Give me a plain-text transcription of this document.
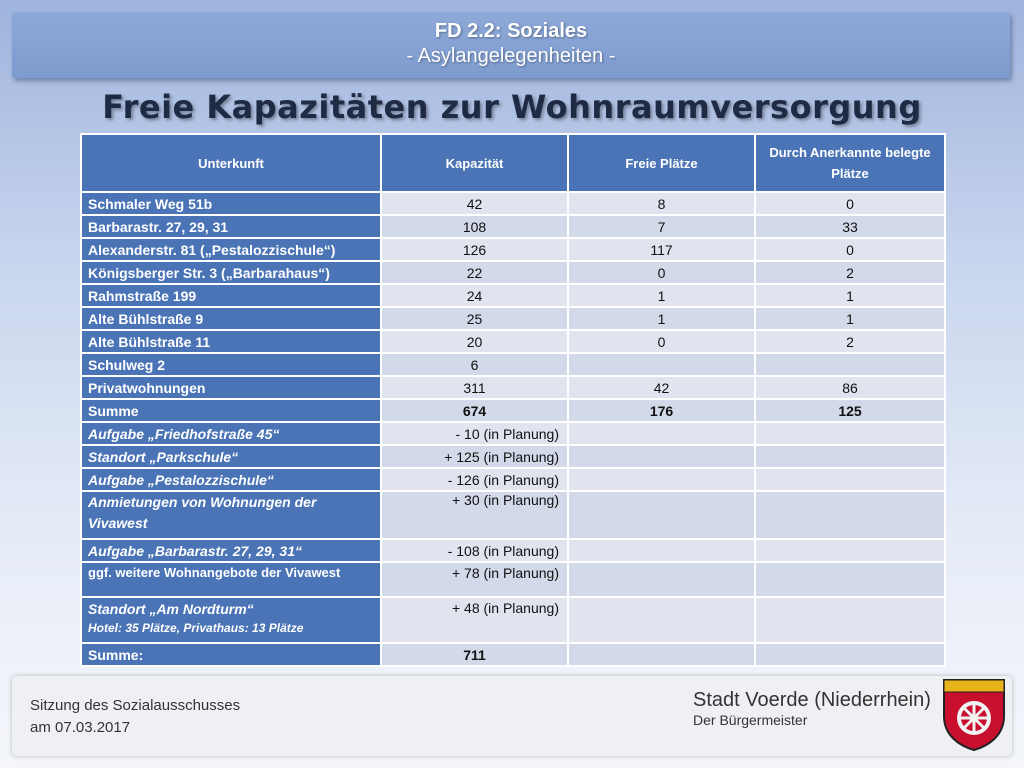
FD 2.2: Soziales
- Asylangelegenheiten -
Freie Kapazitäten zur Wohnraumversorgung
Sitzung des Sozialausschusses
am 07.03.2017
Unterkunft	Kapazität	Freie Plätze	Durch Anerkannte belegte Plätze
Schmaler Weg 51b	42	8	0
Barbarastr. 27, 29, 31	108	7	33
Alexanderstr. 81 („Pestalozzischule“)	126	117	0
Königsberger Str. 3 („Barbarahaus“)	22	0	2
Rahmstraße 199	24	1	1
Alte Bühlstraße 9	25	1	1
Alte Bühlstraße 11	20	0	2
Schulweg 2	6		
Privatwohnungen	311	42	86
Summe	674	176	125
Aufgabe „Friedhofstraße 45“	- 10 (in Planung)		
Standort „Parkschule“	+ 125 (in Planung)		
Aufgabe „Pestalozzischule“	- 126 (in Planung)		
Anmietungen von Wohnungen der Vivawest	+ 30 (in Planung)		
Aufgabe „Barbarastr. 27, 29, 31“	- 108 (in Planung)		
ggf. weitere Wohnangebote der Vivawest	+ 78 (in Planung)		
Standort „Am Nordturm“
Hotel: 35 Plätze, Privathaus: 13 Plätze	+ 48 (in Planung)		
Summe:	711		
Stadt Voerde (Niederrhein)
Der Bürgermeister
